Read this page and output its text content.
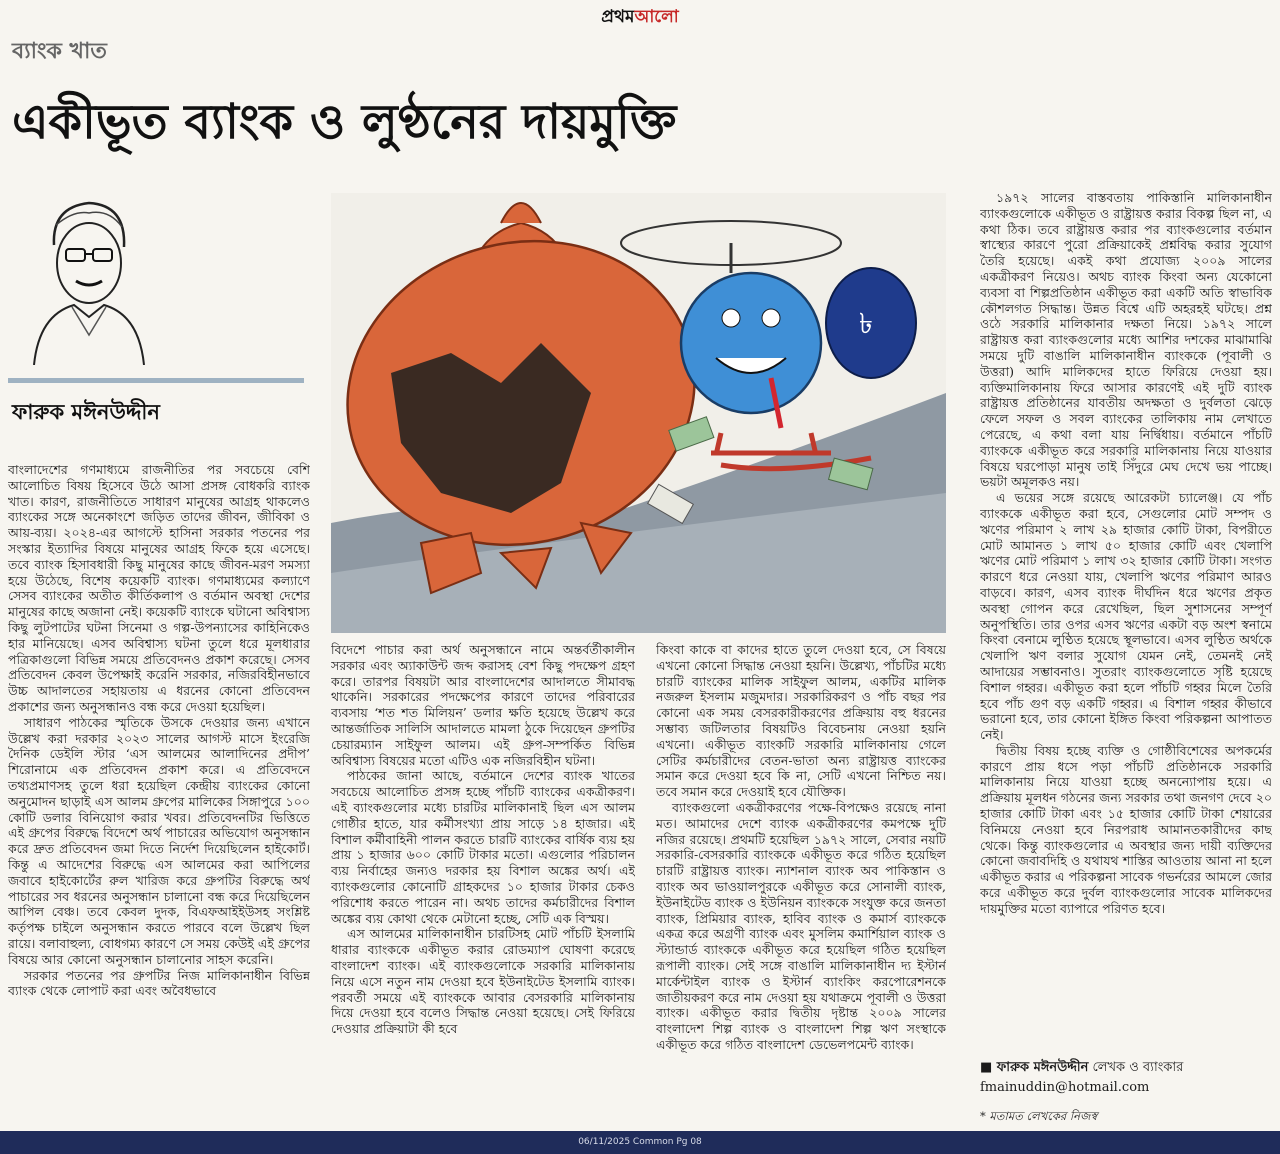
প্রথমআলো
ব্যাংক খাত
একীভূত ব্যাংক ও লুণ্ঠনের দায়মুক্তি
ফারুক মঈনউদ্দীন
৳

বাংলাদেশের গণমাধ্যমে রাজনীতির পর সবচেয়ে বেশি আলোচিত বিষয় হিসেবে উঠে আসা প্রসঙ্গ বোধকরি ব্যাংক খাত। কারণ, রাজনীতিতে সাধারণ মানুষের আগ্রহ থাকলেও ব্যাংকের সঙ্গে অনেকাংশে জড়িত তাদের জীবন, জীবিকা ও আয়-ব্যয়। ২০২৪-এর আগস্টে হাসিনা সরকার পতনের পর সংস্কার ইত্যাদির বিষয়ে মানুষের আগ্রহ ফিকে হয়ে এসেছে। তবে ব্যাংক হিসাবধারী কিছু মানুষের কাছে জীবন-মরণ সমস্যা হয়ে উঠেছে, বিশেষ কয়েকটি ব্যাংক। গণমাধ্যমের কল্যাণে সেসব ব্যাংকের অতীত কীর্তিকলাপ ও বর্তমান অবস্থা দেশের মানুষের কাছে অজানা নেই। কয়েকটি ব্যাংকে ঘটানো অবিশ্বাস্য কিছু লুটপাটের ঘটনা সিনেমা ও গল্প-উপন্যাসের কাহিনিকেও হার মানিয়েছে। এসব অবিশ্বাস্য ঘটনা তুলে ধরে মূলধারার পত্রিকাগুলো বিভিন্ন সময়ে প্রতিবেদনও প্রকাশ করেছে। সেসব প্রতিবেদন কেবল উপেক্ষাই করেনি সরকার, নজিরবিহীনভাবে উচ্চ আদালতের সহায়তায় এ ধরনের কোনো প্রতিবেদন প্রকাশের জন্য অনুসন্ধানও বন্ধ করে দেওয়া হয়েছিল।

সাধারণ পাঠকের স্মৃতিকে উসকে দেওয়ার জন্য এখানে উল্লেখ করা দরকার ২০২৩ সালের আগস্ট মাসে ইংরেজি দৈনিক ডেইলি স্টার ‘এস আলমের আলাদিনের প্রদীপ’ শিরোনামে এক প্রতিবেদন প্রকাশ করে। এ প্রতিবেদনে তথ্যপ্রমাণসহ তুলে ধরা হয়েছিল কেন্দ্রীয় ব্যাংকের কোনো অনুমোদন ছাড়াই এস আলম গ্রুপের মালিকের সিঙ্গাপুরে ১০০ কোটি ডলার বিনিয়োগ করার খবর। প্রতিবেদনটির ভিত্তিতে এই গ্রুপের বিরুদ্ধে বিদেশে অর্থ পাচারের অভিযোগ অনুসন্ধান করে দ্রুত প্রতিবেদন জমা দিতে নির্দেশ দিয়েছিলেন হাইকোর্ট। কিন্তু এ আদেশের বিরুদ্ধে এস আলমের করা আপিলের জবাবে হাইকোর্টের রুল খারিজ করে গ্রুপটির বিরুদ্ধে অর্থ পাচারের সব ধরনের অনুসন্ধান চালানো বন্ধ করে দিয়েছিলেন আপিল বেঞ্চ। তবে কেবল দুদক, বিএফআইইউসহ সংশ্লিষ্ট কর্তৃপক্ষ চাইলে অনুসন্ধান করতে পারবে বলে উল্লেখ ছিল রায়ে। বলাবাহুল্য, বোধগম্য কারণে সে সময় কেউই এই গ্রুপের বিষয়ে আর কোনো অনুসন্ধান চালানোর সাহস করেনি।

সরকার পতনের পর গ্রুপটির নিজ মালিকানাধীন বিভিন্ন ব্যাংক থেকে লোপাট করা এবং অবৈধভাবে

বিদেশে পাচার করা অর্থ অনুসন্ধানে নামে অন্তর্বর্তীকালীন সরকার এবং অ্যাকাউন্ট জব্দ করাসহ বেশ কিছু পদক্ষেপ গ্রহণ করে। তারপর বিষয়টা আর বাংলাদেশের আদালতে সীমাবদ্ধ থাকেনি। সরকারের পদক্ষেপের কারণে তাদের পরিবারের ব্যবসায় ‘শত শত মিলিয়ন’ ডলার ক্ষতি হয়েছে উল্লেখ করে আন্তর্জাতিক সালিসি আদালতে মামলা ঠুকে দিয়েছেন গ্রুপটির চেয়ারম্যান সাইফুল আলম। এই গ্রুপ-সম্পর্কিত বিভিন্ন অবিশ্বাস্য বিষয়ের মতো এটিও এক নজিরবিহীন ঘটনা।

পাঠকের জানা আছে, বর্তমানে দেশের ব্যাংক খাতের সবচেয়ে আলোচিত প্রসঙ্গ হচ্ছে পাঁচটি ব্যাংকের একত্রীকরণ। এই ব্যাংকগুলোর মধ্যে চারটির মালিকানাই ছিল এস আলম গোষ্ঠীর হাতে, যার কর্মীসংখ্যা প্রায় সাড়ে ১৪ হাজার। এই বিশাল কর্মীবাহিনী পালন করতে চারটি ব্যাংকের বার্ষিক ব্যয় হয় প্রায় ১ হাজার ৬০০ কোটি টাকার মতো। এগুলোর পরিচালন ব্যয় নির্বাহের জন্যও দরকার হয় বিশাল অঙ্কের অর্থ। এই ব্যাংকগুলোর কোনোটি গ্রাহকদের ১০ হাজার টাকার চেকও পরিশোধ করতে পারেন না। অথচ তাদের কর্মচারীদের বিশাল অঙ্কের ব্যয় কোথা থেকে মেটানো হচ্ছে, সেটি এক বিস্ময়।

এস আলমের মালিকানাধীন চারটিসহ মোট পাঁচটি ইসলামি ধারার ব্যাংককে একীভূত করার রোডম্যাপ ঘোষণা করেছে বাংলাদেশ ব্যাংক। এই ব্যাংকগুলোকে সরকারি মালিকানায় নিয়ে এসে নতুন নাম দেওয়া হবে ইউনাইটেড ইসলামি ব্যাংক। পরবর্তী সময়ে এই ব্যাংককে আবার বেসরকারি মালিকানায় দিয়ে দেওয়া হবে বলেও সিদ্ধান্ত নেওয়া হয়েছে। সেই ফিরিয়ে দেওয়ার প্রক্রিয়াটা কী হবে

কিংবা কাকে বা কাদের হাতে তুলে দেওয়া হবে, সে বিষয়ে এখনো কোনো সিদ্ধান্ত নেওয়া হয়নি। উল্লেখ্য, পাঁচটির মধ্যে চারটি ব্যাংকের মালিক সাইফুল আলম, একটির মালিক নজরুল ইসলাম মজুমদার। সরকারিকরণ ও পাঁচ বছর পর কোনো এক সময় বেসরকারীকরণের প্রক্রিয়ায় বহু ধরনের সম্ভাব্য জটিলতার বিষয়টিও বিবেচনায় নেওয়া হয়নি এখনো। একীভূত ব্যাংকটি সরকারি মালিকানায় গেলে সেটির কর্মচারীদের বেতন-ভাতা অন্য রাষ্ট্রায়ত্ত ব্যাংকের সমান করে দেওয়া হবে কি না, সেটি এখনো নিশ্চিত নয়। তবে সমান করে দেওয়াই হবে যৌক্তিক।

ব্যাংকগুলো একত্রীকরণের পক্ষে-বিপক্ষেও রয়েছে নানা মত। আমাদের দেশে ব্যাংক একত্রীকরণের কমপক্ষে দুটি নজির রয়েছে। প্রথমটি হয়েছিল ১৯৭২ সালে, সেবার নয়টি সরকারি-বেসরকারি ব্যাংককে একীভূত করে গঠিত হয়েছিল চারটি রাষ্ট্রায়ত্ত ব্যাংক। ন্যাশনাল ব্যাংক অব পাকিস্তান ও ব্যাংক অব ভাওয়ালপুরকে একীভূত করে সোনালী ব্যাংক, ইউনাইটেড ব্যাংক ও ইউনিয়ন ব্যাংককে সংযুক্ত করে জনতা ব্যাংক, প্রিমিয়ার ব্যাংক, হাবিব ব্যাংক ও কমার্স ব্যাংককে একত্র করে অগ্রণী ব্যাংক এবং মুসলিম কমার্শিয়াল ব্যাংক ও স্ট্যান্ডার্ড ব্যাংককে একীভূত করে হয়েছিল গঠিত হয়েছিল রূপালী ব্যাংক। সেই সঙ্গে বাঙালি মালিকানাধীন দ্য ইস্টার্ন মার্কেন্টাইল ব্যাংক ও ইস্টার্ন ব্যাংকিং করপোরেশনকে জাতীয়করণ করে নাম দেওয়া হয় যথাক্রমে পূবালী ও উত্তরা ব্যাংক। একীভূত করার দ্বিতীয় দৃষ্টান্ত ২০০৯ সালের বাংলাদেশ শিল্প ব্যাংক ও বাংলাদেশ শিল্প ঋণ সংস্থাকে একীভূত করে গঠিত বাংলাদেশ ডেভেলপমেন্ট ব্যাংক।

১৯৭২ সালের বাস্তবতায় পাকিস্তানি মালিকানাধীন ব্যাংকগুলোকে একীভূত ও রাষ্ট্রায়ত্ত করার বিকল্প ছিল না, এ কথা ঠিক। তবে রাষ্ট্রায়ত্ত করার পর ব্যাংকগুলোর বর্তমান স্বাস্থ্যের কারণে পুরো প্রক্রিয়াকেই প্রশ্নবিদ্ধ করার সুযোগ তৈরি হয়েছে। একই কথা প্রযোজ্য ২০০৯ সালের একত্রীকরণ নিয়েও। অথচ ব্যাংক কিংবা অন্য যেকোনো ব্যবসা বা শিল্পপ্রতিষ্ঠান একীভূত করা একটি অতি স্বাভাবিক কৌশলগত সিদ্ধান্ত। উন্নত বিশ্বে এটি অহরহই ঘটছে। প্রশ্ন ওঠে সরকারি মালিকানার দক্ষতা নিয়ে। ১৯৭২ সালে রাষ্ট্রায়ত্ত করা ব্যাংকগুলোর মধ্যে আশির দশকের মাঝামাঝি সময়ে দুটি বাঙালি মালিকানাধীন ব্যাংককে (পূবালী ও উত্তরা) আদি মালিকদের হাতে ফিরিয়ে দেওয়া হয়। ব্যক্তিমালিকানায় ফিরে আসার কারণেই এই দুটি ব্যাংক রাষ্ট্রায়ত্ত প্রতিষ্ঠানের যাবতীয় অদক্ষতা ও দুর্বলতা ঝেড়ে ফেলে সফল ও সবল ব্যাংকের তালিকায় নাম লেখাতে পেরেছে, এ কথা বলা যায় নির্দ্বিধায়। বর্তমানে পাঁচটি ব্যাংককে একীভূত করে সরকারি মালিকানায় নিয়ে যাওয়ার বিষয়ে ঘরপোড়া মানুষ তাই সিঁদুরে মেঘ দেখে ভয় পাচ্ছে। ভয়টা অমূলকও নয়।

এ ভয়ের সঙ্গে রয়েছে আরেকটা চ্যালেঞ্জ। যে পাঁচ ব্যাংককে একীভূত করা হবে, সেগুলোর মোট সম্পদ ও ঋণের পরিমাণ ২ লাখ ২৯ হাজার কোটি টাকা, বিপরীতে মোট আমানত ১ লাখ ৫০ হাজার কোটি এবং খেলাপি ঋণের মোট পরিমাণ ১ লাখ ৩২ হাজার কোটি টাকা। সংগত কারণে ধরে নেওয়া যায়, খেলাপি ঋণের পরিমাণ আরও বাড়বে। কারণ, এসব ব্যাংক দীর্ঘদিন ধরে ঋণের প্রকৃত অবস্থা গোপন করে রেখেছিল, ছিল সুশাসনের সম্পূর্ণ অনুপস্থিতি। তার ওপর এসব ঋণের একটা বড় অংশ স্বনামে কিংবা বেনামে লুণ্ঠিত হয়েছে স্থূলভাবে। এসব লুণ্ঠিত অর্থকে খেলাপি ঋণ বলার সুযোগ যেমন নেই, তেমনই নেই আদায়ের সম্ভাবনাও। সুতরাং ব্যাংকগুলোতে সৃষ্টি হয়েছে বিশাল গহ্বর। একীভূত করা হলে পাঁচটি গহ্বর মিলে তৈরি হবে পাঁচ গুণ বড় একটি গহ্বর। এ বিশাল গহ্বর কীভাবে ভরানো হবে, তার কোনো ইঙ্গিত কিংবা পরিকল্পনা আপাতত নেই।

দ্বিতীয় বিষয় হচ্ছে ব্যক্তি ও গোষ্ঠীবিশেষের অপকর্মের কারণে প্রায় ধসে পড়া পাঁচটি প্রতিষ্ঠানকে সরকারি মালিকানায় নিয়ে যাওয়া হচ্ছে অনন্যোপায় হয়ে। এ প্রক্রিয়ায় মূলধন গঠনের জন্য সরকার তথা জনগণ দেবে ২০ হাজার কোটি টাকা এবং ১৫ হাজার কোটি টাকা শেয়ারের বিনিময়ে নেওয়া হবে নিরপরাধ আমানতকারীদের কাছ থেকে। কিন্তু ব্যাংকগুলোর এ অবস্থার জন্য দায়ী ব্যক্তিদের কোনো জবাবদিহি ও যথাযথ শাস্তির আওতায় আনা না হলে একীভূত করার এ পরিকল্পনা সাবেক গভর্নরের আমলে জোর করে একীভূত করে দুর্বল ব্যাংকগুলোর সাবেক মালিকদের দায়মুক্তির মতো ব্যাপারে পরিণত হবে।

■ ফারুক মঈনউদ্দীন লেখক ও ব্যাংকার
fmainuddin@hotmail.com
* মতামত লেখকের নিজস্ব
06/11/2025 Common Pg 08
